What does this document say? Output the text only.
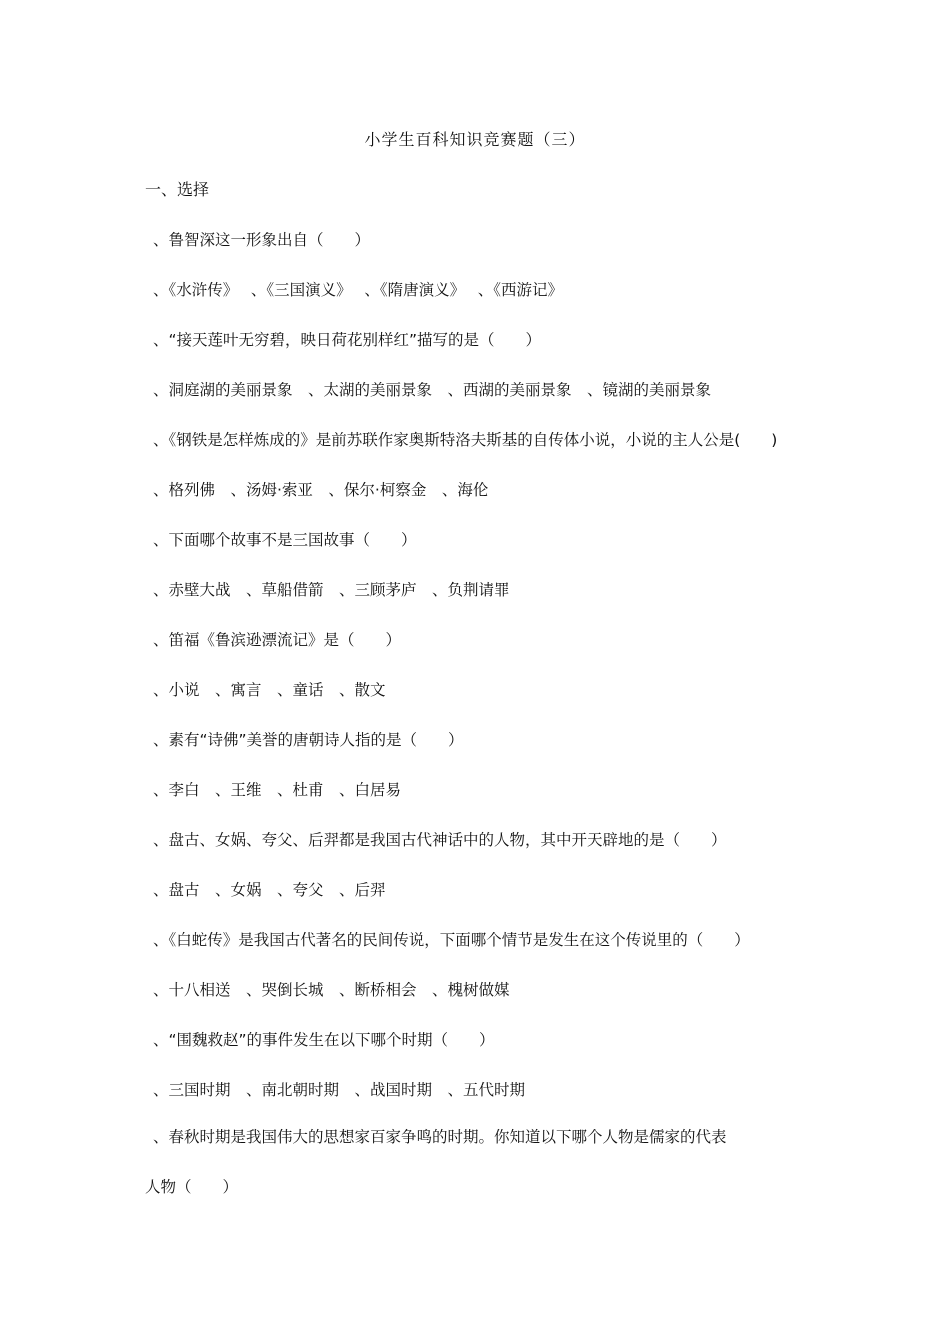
小学生百科知识竞赛题（三）
一、选择
、鲁智深这一形象出自（　　）
、《水浒传》　 、《三国演义》　 、《隋唐演义》　 、《西游记》
、“接天莲叶无穷碧，映日荷花别样红”描写的是（　　）
、洞庭湖的美丽景象　、太湖的美丽景象　、西湖的美丽景象　、镜湖的美丽景象
、《钢铁是怎样炼成的》是前苏联作家奥斯特洛夫斯基的自传体小说，小说的主人公是(　　)
、格列佛　、汤姆·索亚　、保尔·柯察金　、海伦
、下面哪个故事不是三国故事（　　）
、赤壁大战　、草船借箭　、三顾茅庐　、负荆请罪
、笛福《鲁滨逊漂流记》是（　　）
、小说　、寓言　、童话　、散文
、素有“诗佛”美誉的唐朝诗人指的是（　　）
、李白　、王维　、杜甫　、白居易
、盘古、女娲、夸父、后羿都是我国古代神话中的人物，其中开天辟地的是（　　）
、盘古　、女娲　、夸父　、后羿
、《白蛇传》是我国古代著名的民间传说，下面哪个情节是发生在这个传说里的（　　）
、十八相送　、哭倒长城　、断桥相会　、槐树做媒
、“围魏救赵”的事件发生在以下哪个时期（　　）
、三国时期　、南北朝时期　、战国时期　、五代时期
、春秋时期是我国伟大的思想家百家争鸣的时期。你知道以下哪个人物是儒家的代表
人物（　　）
